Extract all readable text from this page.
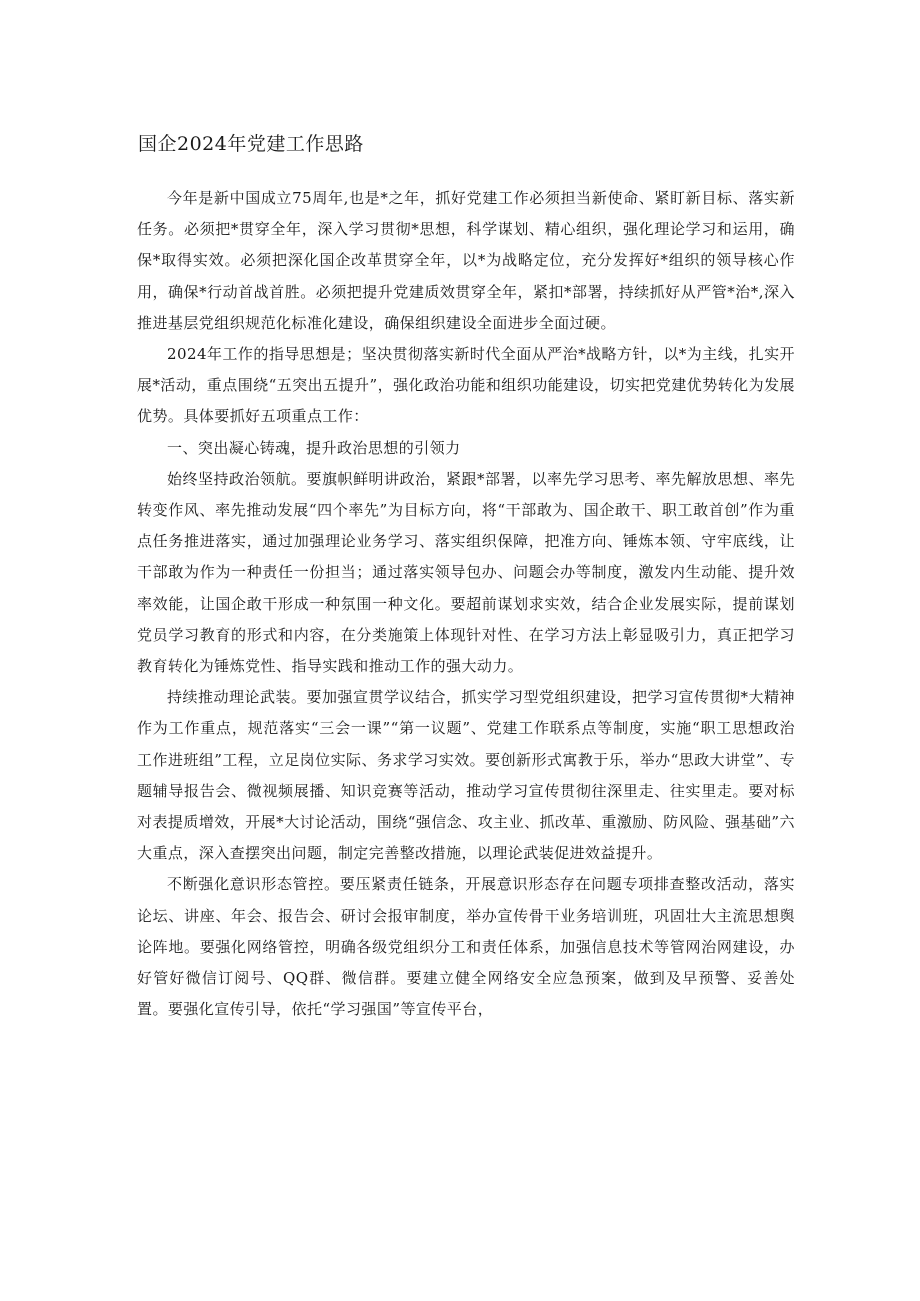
国企2024年党建工作思路

今年是新中国成立75周年,也是*之年，抓好党建工作必须担当新使命、紧盯新目标、落实新任务。必须把*贯穿全年，深入学习贯彻*思想，科学谋划、精心组织，强化理论学习和运用，确保*取得实效。必须把深化国企改革贯穿全年，以*为战略定位，充分发挥好*组织的领导核心作用，确保*行动首战首胜。必须把提升党建质效贯穿全年，紧扣*部署，持续抓好从严管*治*,深入推进基层党组织规范化标准化建设，确保组织建设全面进步全面过硬。

2024年工作的指导思想是；坚决贯彻落实新时代全面从严治*战略方针，以*为主线，扎实开展*活动，重点围绕“五突出五提升”，强化政治功能和组织功能建设，切实把党建优势转化为发展优势。具体要抓好五项重点工作：

一、突出凝心铸魂，提升政治思想的引领力

始终坚持政治领航。要旗帜鲜明讲政治，紧跟*部署，以率先学习思考、率先解放思想、率先转变作风、率先推动发展“四个率先”为目标方向，将“干部敢为、国企敢干、职工敢首创”作为重点任务推进落实，通过加强理论业务学习、落实组织保障，把准方向、锤炼本领、守牢底线，让干部敢为作为一种责任一份担当；通过落实领导包办、问题会办等制度，激发内生动能、提升效率效能，让国企敢干形成一种氛围一种文化。要超前谋划求实效，结合企业发展实际，提前谋划党员学习教育的形式和内容，在分类施策上体现针对性、在学习方法上彰显吸引力，真正把学习教育转化为锤炼党性、指导实践和推动工作的强大动力。

持续推动理论武装。要加强宣贯学议结合，抓实学习型党组织建设，把学习宣传贯彻*大精神作为工作重点，规范落实“三会一课”“第一议题”、党建工作联系点等制度，实施“职工思想政治工作进班组”工程，立足岗位实际、务求学习实效。要创新形式寓教于乐，举办“思政大讲堂”、专题辅导报告会、微视频展播、知识竞赛等活动，推动学习宣传贯彻往深里走、往实里走。要对标对表提质增效，开展*大讨论活动，围绕“强信念、攻主业、抓改革、重激励、防风险、强基础”六大重点，深入查摆突出问题，制定完善整改措施，以理论武装促进效益提升。

不断强化意识形态管控。要压紧责任链条，开展意识形态存在问题专项排查整改活动，落实论坛、讲座、年会、报告会、研讨会报审制度，举办宣传骨干业务培训班，巩固壮大主流思想舆论阵地。要强化网络管控，明确各级党组织分工和责任体系，加强信息技术等管网治网建设，办好管好微信订阅号、QQ群、微信群。要建立健全网络安全应急预案，做到及早预警、妥善处置。要强化宣传引导，依托“学习强国”等宣传平台，
